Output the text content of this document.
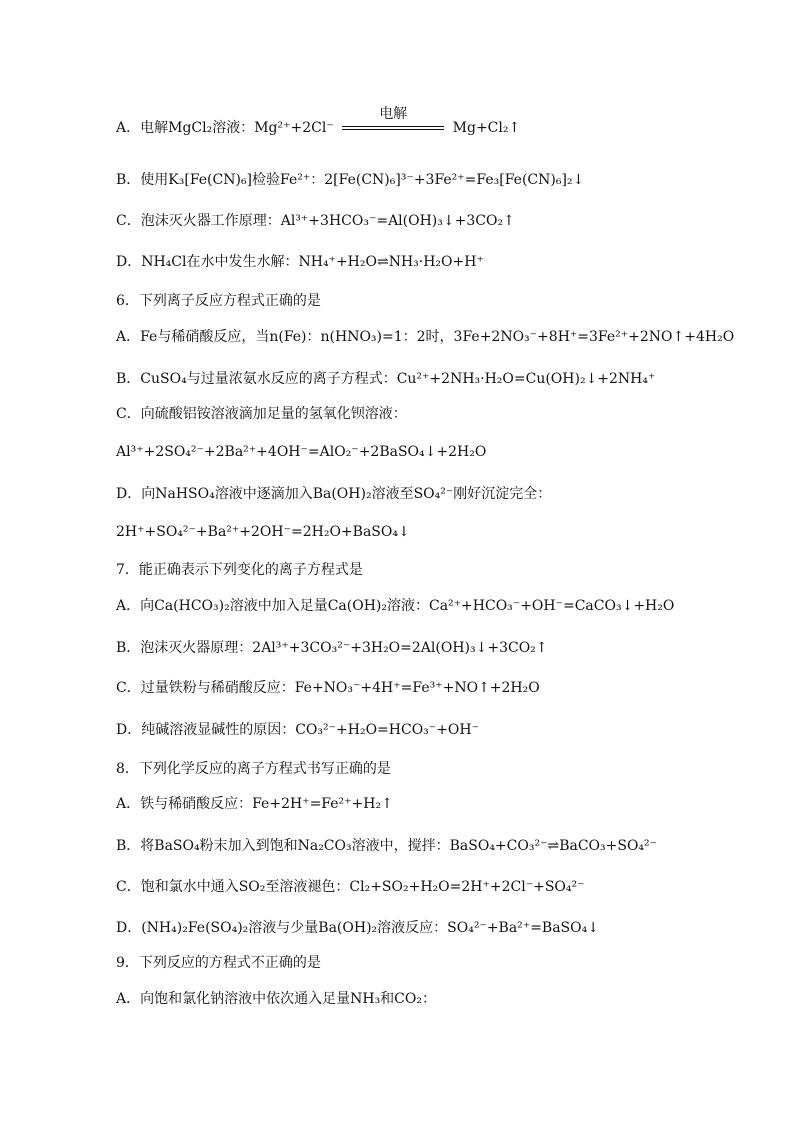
A．电解MgCl₂溶液：Mg²⁺+2Cl⁻
电解
Mg+Cl₂↑
B．使用K₃[Fe(CN)₆]检验Fe²⁺：2[Fe(CN)₆]³⁻+3Fe²⁺=Fe₃[Fe(CN)₆]₂↓
C．泡沫灭火器工作原理：Al³⁺+3HCO₃⁻=Al(OH)₃↓+3CO₂↑
D．NH₄Cl在水中发生水解：NH₄⁺+H₂O⇌NH₃·H₂O+H⁺
6．下列离子反应方程式正确的是
A．Fe与稀硝酸反应，当n(Fe)：n(HNO₃)=1：2时，3Fe+2NO₃⁻+8H⁺=3Fe²⁺+2NO↑+4H₂O
B．CuSO₄与过量浓氨水反应的离子方程式：Cu²⁺+2NH₃·H₂O=Cu(OH)₂↓+2NH₄⁺
C．向硫酸铝铵溶液滴加足量的氢氧化钡溶液：
Al³⁺+2SO₄²⁻+2Ba²⁺+4OH⁻=AlO₂⁻+2BaSO₄↓+2H₂O
D．向NaHSO₄溶液中逐滴加入Ba(OH)₂溶液至SO₄²⁻刚好沉淀完全：
2H⁺+SO₄²⁻+Ba²⁺+2OH⁻=2H₂O+BaSO₄↓
7．能正确表示下列变化的离子方程式是
A．向Ca(HCO₃)₂溶液中加入足量Ca(OH)₂溶液：Ca²⁺+HCO₃⁻+OH⁻=CaCO₃↓+H₂O
B．泡沫灭火器原理：2Al³⁺+3CO₃²⁻+3H₂O=2Al(OH)₃↓+3CO₂↑
C．过量铁粉与稀硝酸反应：Fe+NO₃⁻+4H⁺=Fe³⁺+NO↑+2H₂O
D．纯碱溶液显碱性的原因：CO₃²⁻+H₂O=HCO₃⁻+OH⁻
8．下列化学反应的离子方程式书写正确的是
A．铁与稀硝酸反应：Fe+2H⁺=Fe²⁺+H₂↑
B．将BaSO₄粉末加入到饱和Na₂CO₃溶液中，搅拌：BaSO₄+CO₃²⁻⇌BaCO₃+SO₄²⁻
C．饱和氯水中通入SO₂至溶液褪色：Cl₂+SO₂+H₂O=2H⁺+2Cl⁻+SO₄²⁻
D．(NH₄)₂Fe(SO₄)₂溶液与少量Ba(OH)₂溶液反应：SO₄²⁻+Ba²⁺=BaSO₄↓
9．下列反应的方程式不正确的是
A．向饱和氯化钠溶液中依次通入足量NH₃和CO₂：
